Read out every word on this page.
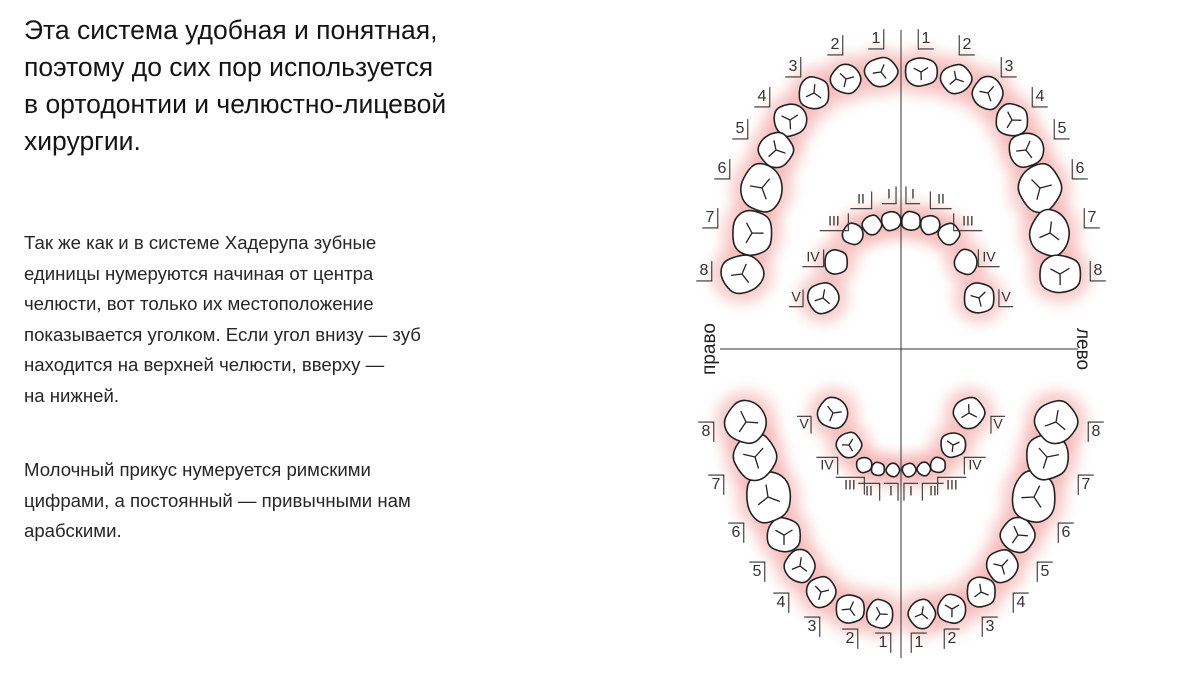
Эта система удобная и понятная,
поэтому до сих пор используется
в ортодонтии и челюстно-лицевой
хирургии.

Так же как и в системе Хадерупа зубные
единицы нумеруются начиная от центра
челюсти, вот только их местоположение
показывается уголком. Если угол внизу — зуб
находится на верхней челюсти, вверху —
на нижней.

Молочный прикус нумеруется римскими
цифрами, а постоянный — привычными нам
арабскими.

1	1
1 1
2	2
2	2
3	3
3	3
4	4
4	4
5	5
5	5
6	6
6	6
7	7
7	7
8	8
8	8
I I
I I
II	II
II	II
III	III
III	III
IV	IV
IV	IV
V	V
V	V
право	лево
